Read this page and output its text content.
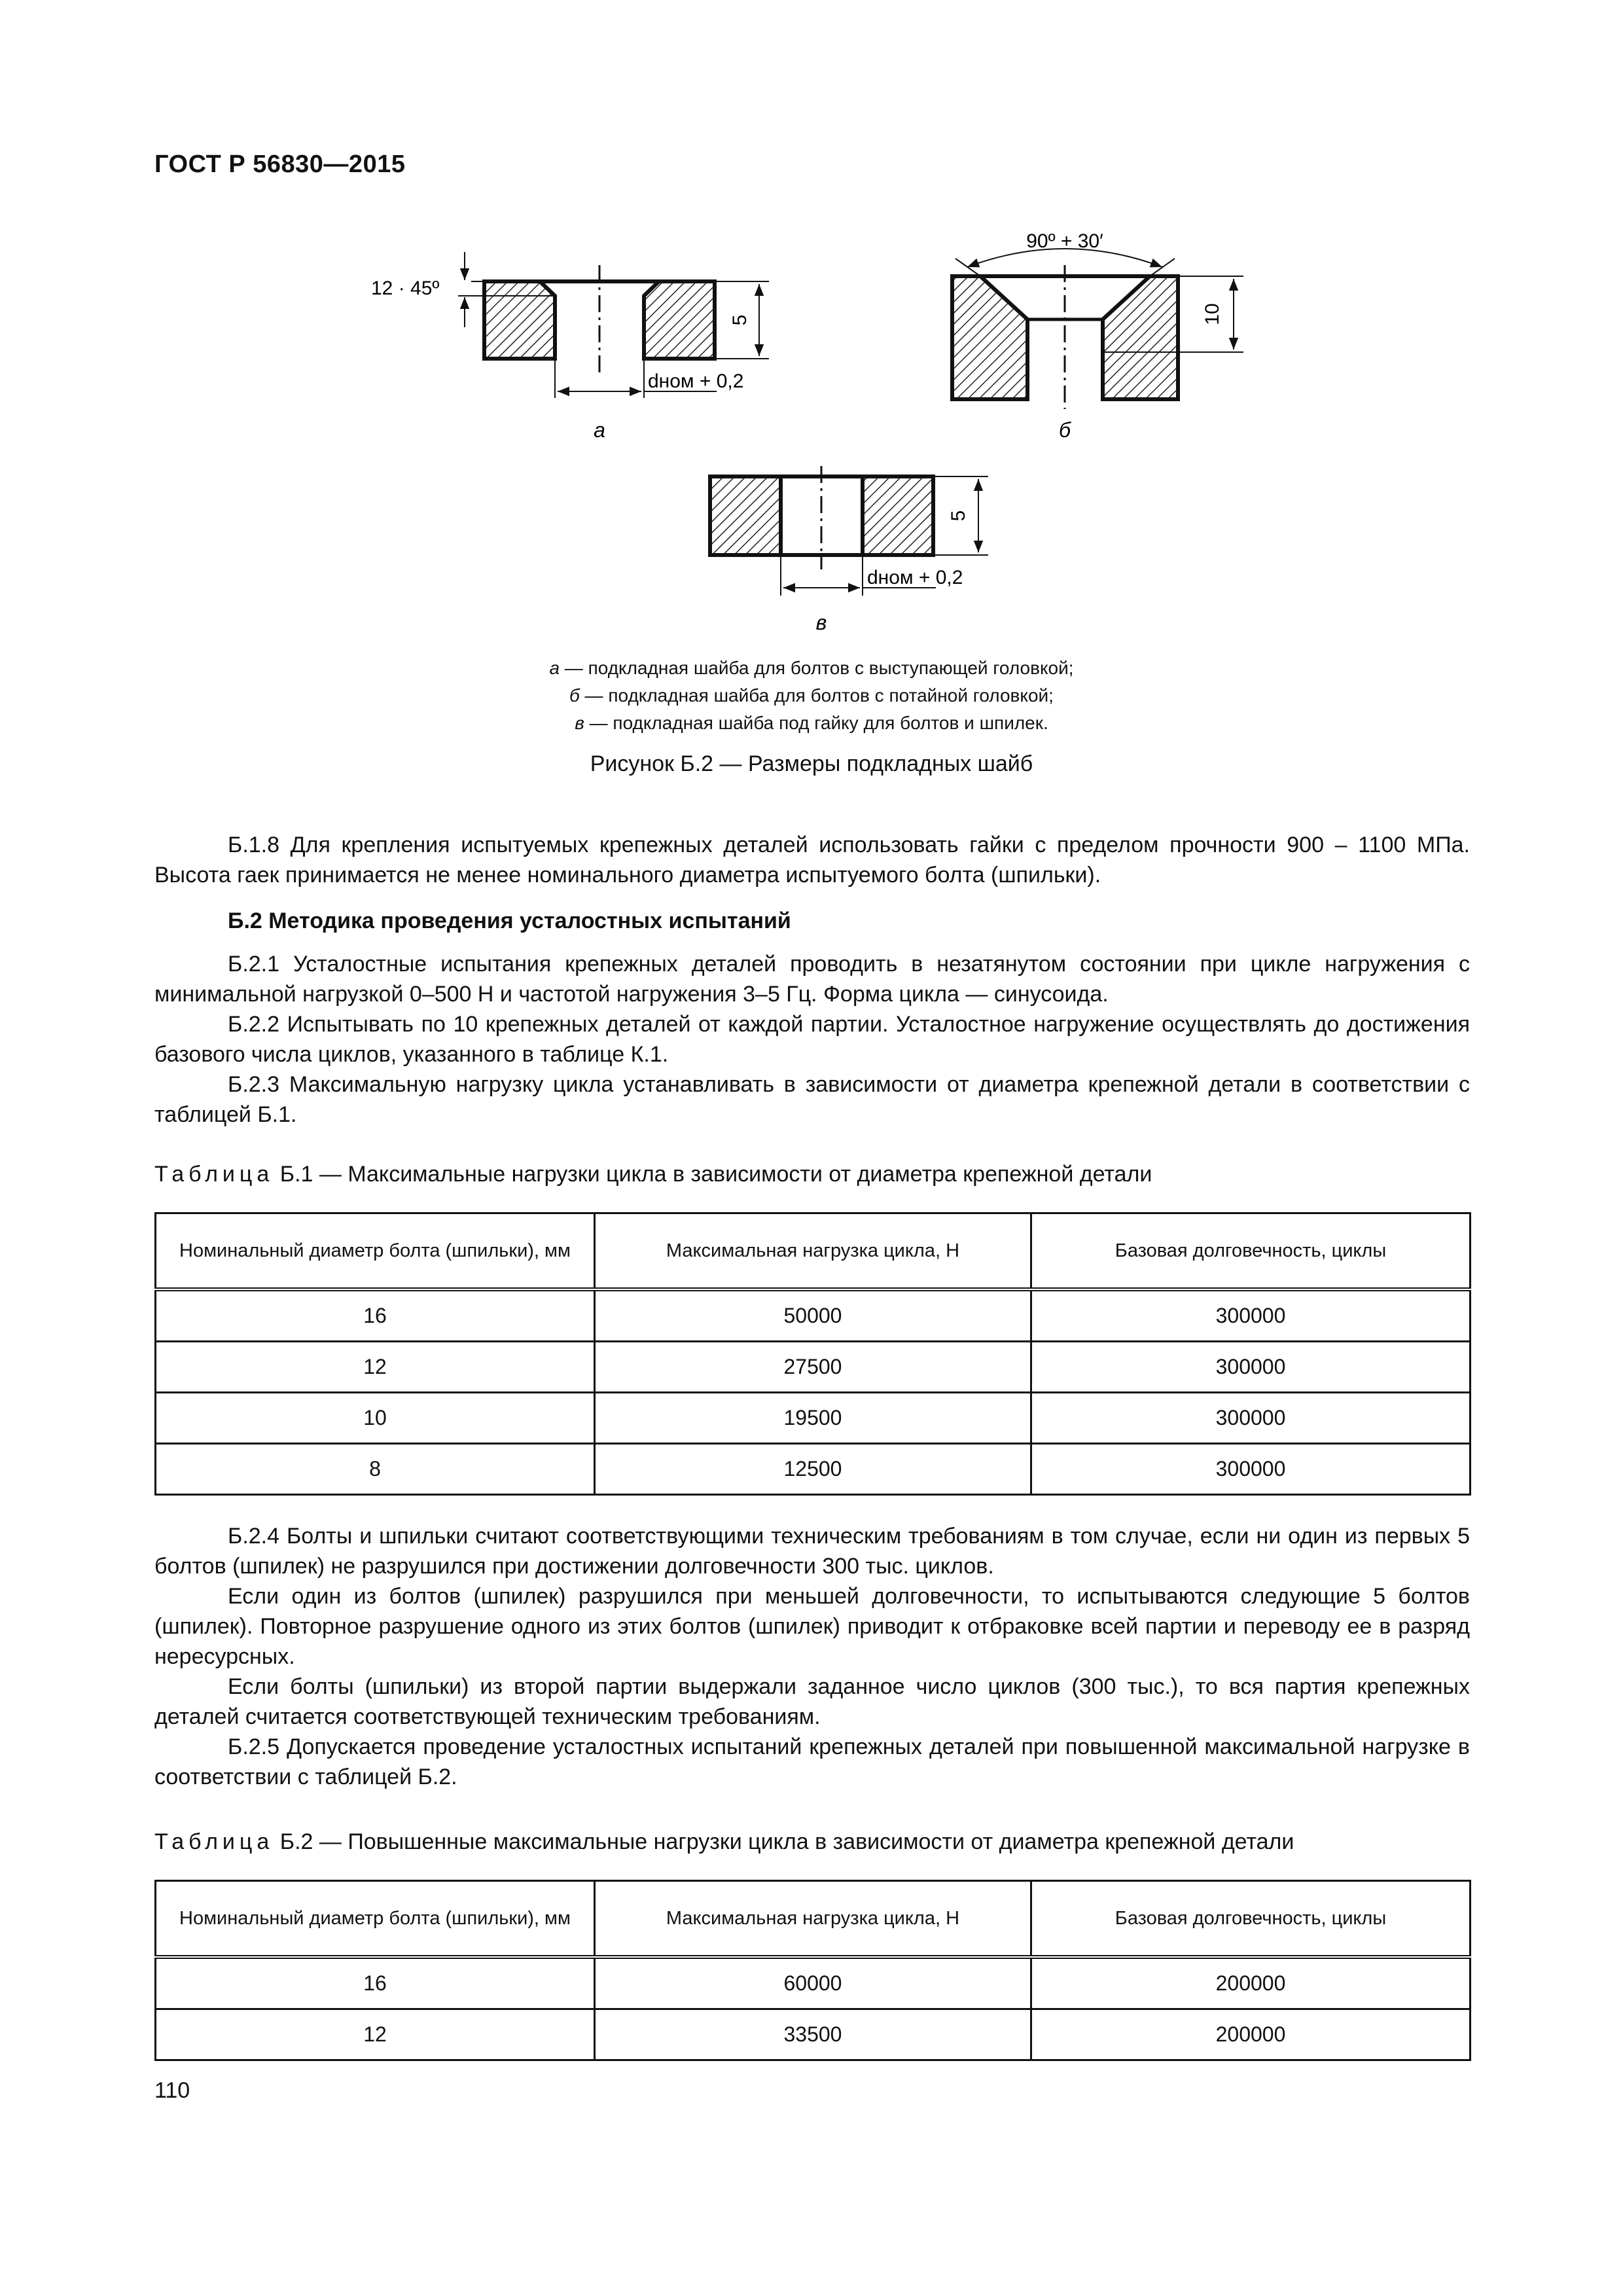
ГОСТ Р 56830—2015
12 · 45º
5
dном + 0,2
а
90º + 30′
10
б
5
dном + 0,2
в
а — подкладная шайба для болтов с выступающей головкой;
б — подкладная шайба для болтов с потайной головкой;
в — подкладная шайба под гайку для болтов и шпилек.
Рисунок Б.2 — Размеры подкладных шайб
Б.1.8 Для крепления испытуемых крепежных деталей использовать гайки с пределом прочности 900 – 1100 МПа. Высота гаек принимается не менее номинального диаметра испытуемого болта (шпильки).
Б.2 Методика проведения усталостных испытаний
Б.2.1 Усталостные испытания крепежных деталей проводить в незатянутом состоянии при цикле нагружения с минимальной нагрузкой 0–500 Н и частотой нагружения 3–5 Гц. Форма цикла — синусоида.
Б.2.2 Испытывать по 10 крепежных деталей от каждой партии. Усталостное нагружение осуществлять до достижения базового числа циклов, указанного в таблице К.1.
Б.2.3 Максимальную нагрузку цикла устанавливать в зависимости от диаметра крепежной детали в соответствии с таблицей Б.1.
Таблица Б.1 — Максимальные нагрузки цикла в зависимости от диаметра крепежной детали
Номинальный диаметр болта (шпильки), мм	Максимальная нагрузка цикла, Н	Базовая долговечность, циклы
16	50000	300000
12	27500	300000
10	19500	300000
8	12500	300000
Б.2.4 Болты и шпильки считают соответствующими техническим требованиям в том случае, если ни один из первых 5 болтов (шпилек) не разрушился при достижении долговечности 300 тыс. циклов.
Если один из болтов (шпилек) разрушился при меньшей долговечности, то испытываются следующие 5 болтов (шпилек). Повторное разрушение одного из этих болтов (шпилек) приводит к отбраковке всей партии и переводу ее в разряд нересурсных.
Если болты (шпильки) из второй партии выдержали заданное число циклов (300 тыс.), то вся партия крепежных деталей считается соответствующей техническим требованиям.
Б.2.5 Допускается проведение усталостных испытаний крепежных деталей при повышенной максимальной нагрузке в соответствии с таблицей Б.2.
Таблица Б.2 — Повышенные максимальные нагрузки цикла в зависимости от диаметра крепежной детали
Номинальный диаметр болта (шпильки), мм	Максимальная нагрузка цикла, Н	Базовая долговечность, циклы
16	60000	200000
12	33500	200000
110
